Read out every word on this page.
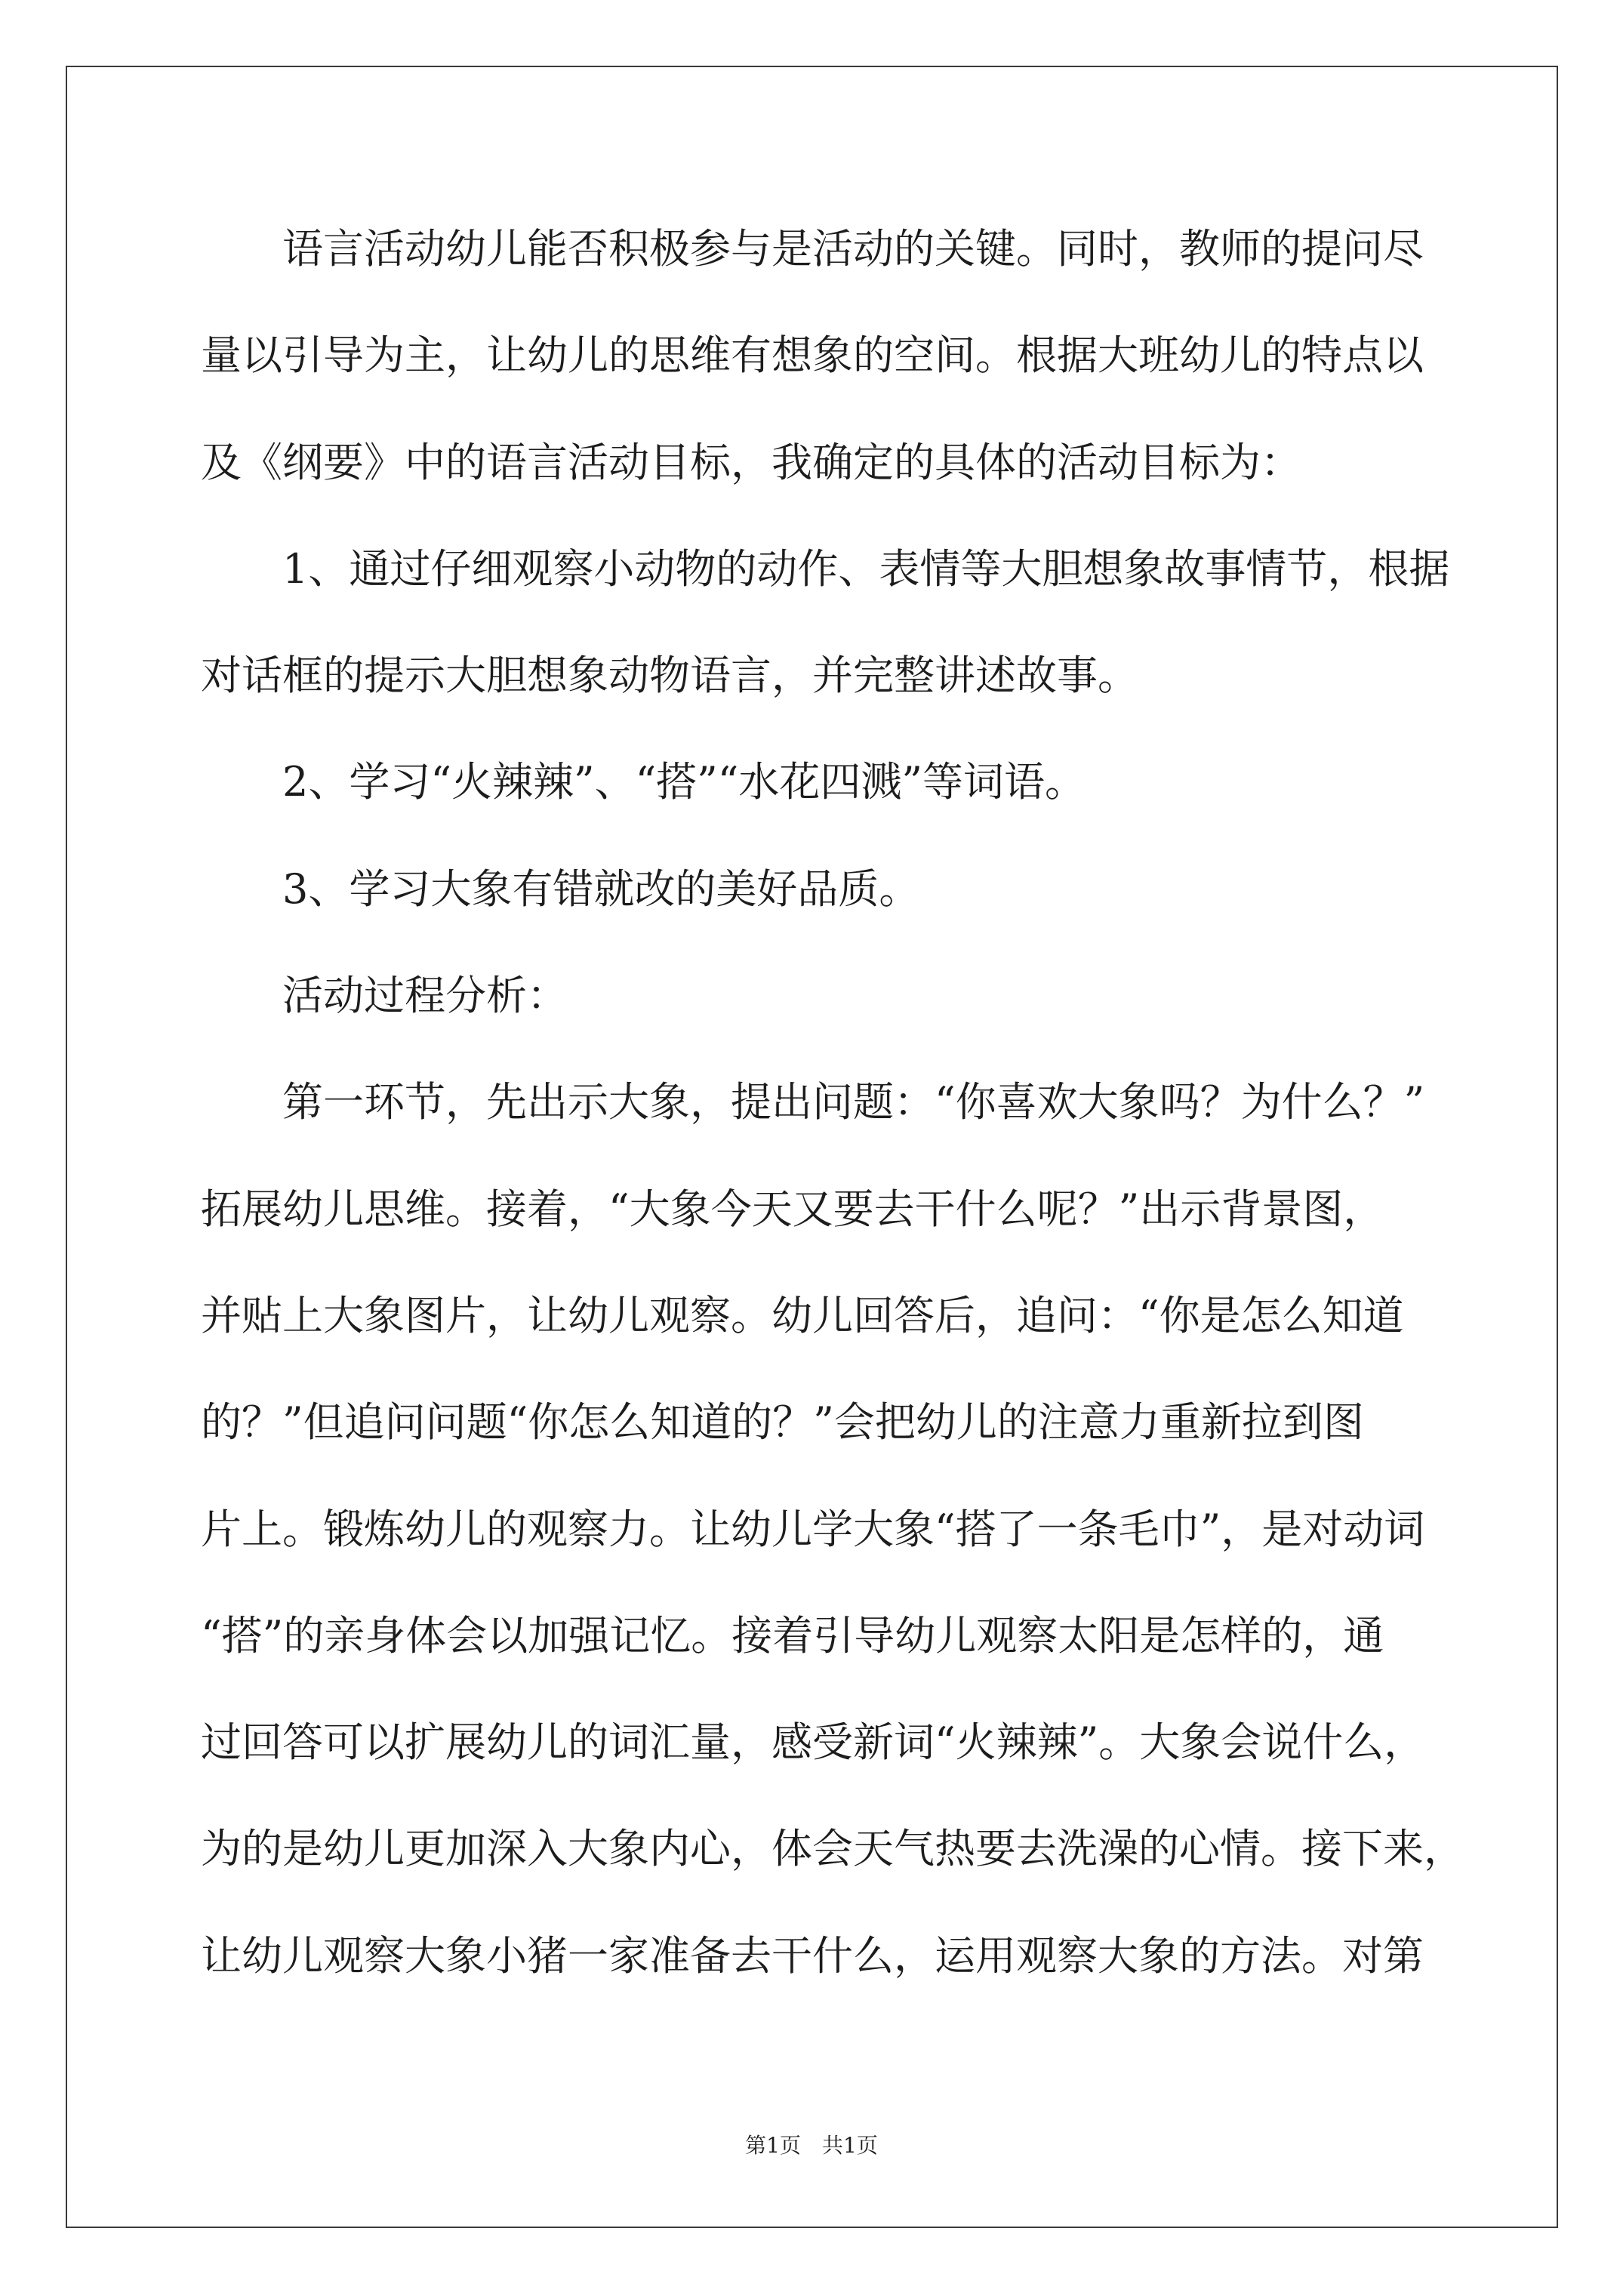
语言活动幼儿能否积极参与是活动的关键。同时，教师的提问尽
量以引导为主，让幼儿的思维有想象的空间。根据大班幼儿的特点以
及《纲要》中的语言活动目标，我确定的具体的活动目标为：
1、通过仔细观察小动物的动作、表情等大胆想象故事情节，根据
对话框的提示大胆想象动物语言，并完整讲述故事。
2、学习“火辣辣”、“搭”“水花四溅”等词语。
3、学习大象有错就改的美好品质。
活动过程分析：
第一环节，先出示大象，提出问题：“你喜欢大象吗？为什么？”
拓展幼儿思维。接着，“大象今天又要去干什么呢？”出示背景图，
并贴上大象图片，让幼儿观察。幼儿回答后，追问：“你是怎么知道
的？”但追问问题“你怎么知道的？”会把幼儿的注意力重新拉到图
片上。锻炼幼儿的观察力。让幼儿学大象“搭了一条毛巾”，是对动词
“搭”的亲身体会以加强记忆。接着引导幼儿观察太阳是怎样的，通
过回答可以扩展幼儿的词汇量，感受新词“火辣辣”。大象会说什么，
为的是幼儿更加深入大象内心，体会天气热要去洗澡的心情。接下来，
让幼儿观察大象小猪一家准备去干什么，运用观察大象的方法。对第
第1页 共1页
